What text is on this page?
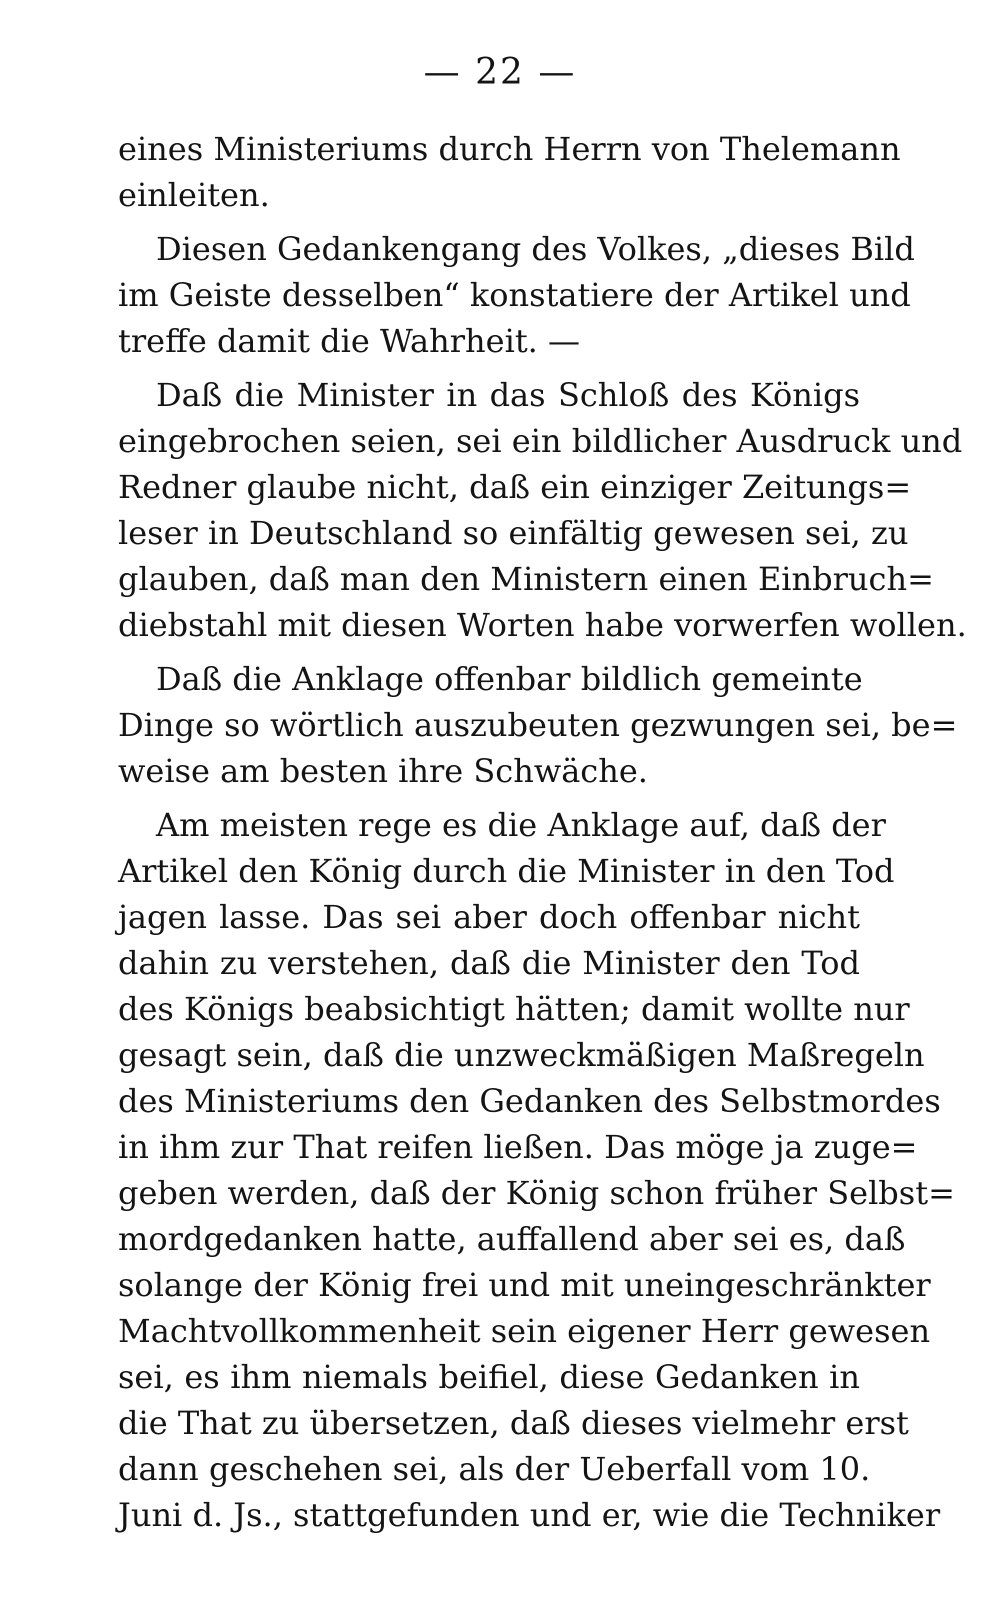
— 22 —
eines Ministeriums durch Herrn von Thelemann
einleiten.
Diesen Gedankengang des Volkes, „dieses Bild
im Geiste desselben“ konstatiere der Artikel und
treffe damit die Wahrheit. —
Daß die Minister in das Schloß des Königs
eingebrochen seien, sei ein bildlicher Ausdruck und
Redner glaube nicht, daß ein einziger Zeitungs=
leser in Deutschland so einfältig gewesen sei, zu
glauben, daß man den Ministern einen Einbruch=
diebstahl mit diesen Worten habe vorwerfen wollen.
Daß die Anklage offenbar bildlich gemeinte
Dinge so wörtlich auszubeuten gezwungen sei, be=
weise am besten ihre Schwäche.
Am meisten rege es die Anklage auf, daß der
Artikel den König durch die Minister in den Tod
jagen lasse. Das sei aber doch offenbar nicht
dahin zu verstehen, daß die Minister den Tod
des Königs beabsichtigt hätten; damit wollte nur
gesagt sein, daß die unzweckmäßigen Maßregeln
des Ministeriums den Gedanken des Selbstmordes
in ihm zur That reifen ließen. Das möge ja zuge=
geben werden, daß der König schon früher Selbst=
mordgedanken hatte, auffallend aber sei es, daß
solange der König frei und mit uneingeschränkter
Machtvollkommenheit sein eigener Herr gewesen
sei, es ihm niemals beifiel, diese Gedanken in
die That zu übersetzen, daß dieses vielmehr erst
dann geschehen sei, als der Ueberfall vom 10.
Juni d. Js., stattgefunden und er, wie die Techniker
